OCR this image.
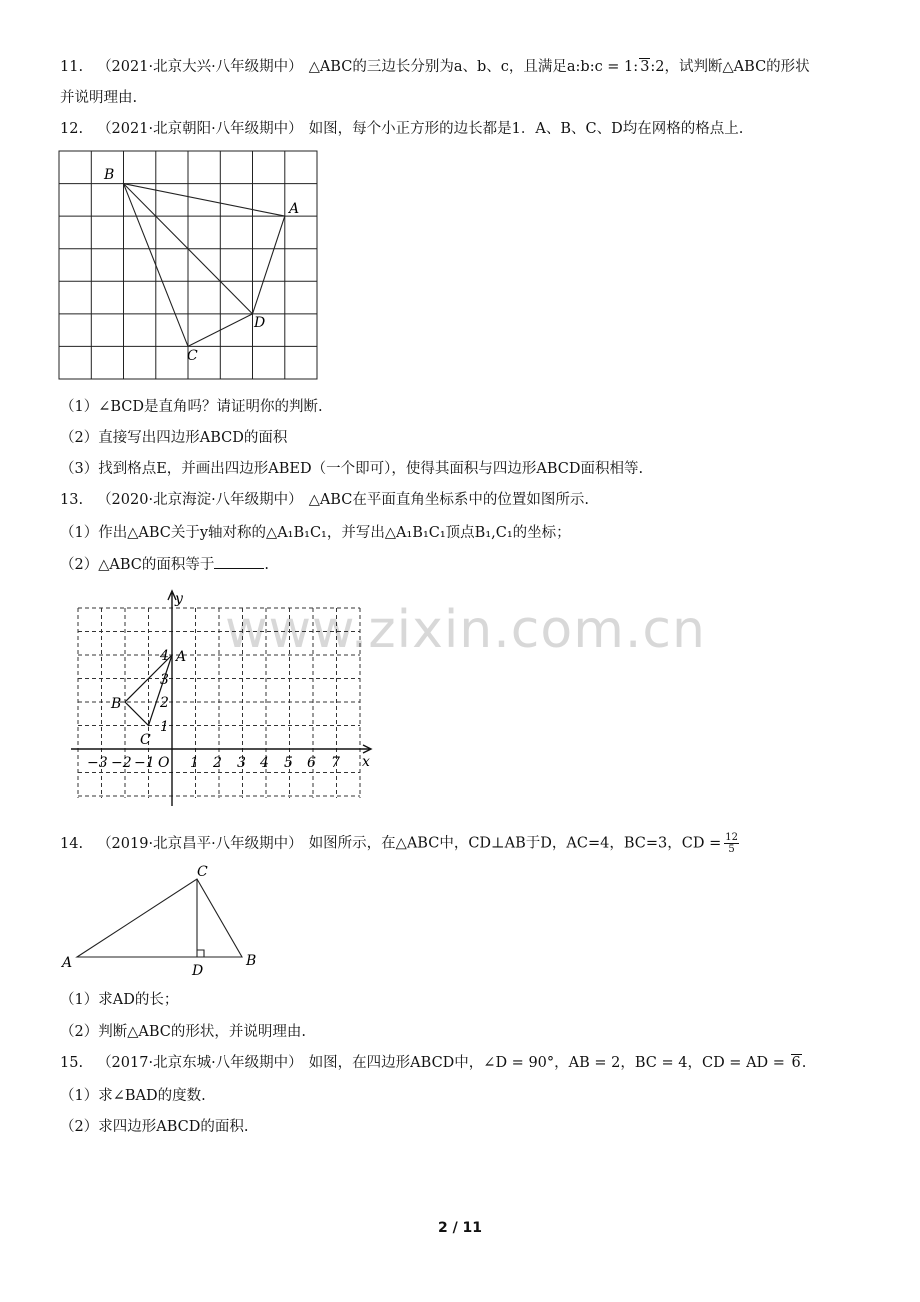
www.zixin.com.cn
11. （2021·北京大兴·八年级期中） △ABC的三边长分别为a、b、c，且满足a:b:c = 1: 3:2，试判断△ABC的形状
并说明理由.
12. （2021·北京朝阳·八年级期中） 如图，每个小正方形的边长都是1．A、B、C、D均在网格的格点上.
B
A
D
C
（1）∠BCD是直角吗？请证明你的判断.
（2）直接写出四边形ABCD的面积
（3）找到格点E，并画出四边形ABED（一个即可），使得其面积与四边形ABCD面积相等.
13. （2020·北京海淀·八年级期中） △ABC在平面直角坐标系中的位置如图所示.
（1）作出△ABC关于y轴对称的△A₁B₁C₁，并写出△A₁B₁C₁顶点B₁,C₁的坐标；
（2）△ABC的面积等于	.
y
x
O
A
B
C
−3 −2 −1	1 2 3 4 5 6 7
1
2
3
4
14. （2019·北京昌平·八年级期中） 如图所示，在△ABC中，CD⊥AB于D，AC=4，BC=3，CD = $\frac{12}{5}$
C
A	B
D
（1）求AD的长；
（2）判断△ABC的形状，并说明理由.
15. （2017·北京东城·八年级期中） 如图，在四边形ABCD中，∠D = 90°，AB = 2，BC = 4，CD = AD = 6.
（1）求∠BAD的度数.
（2）求四边形ABCD的面积.
2 / 11
